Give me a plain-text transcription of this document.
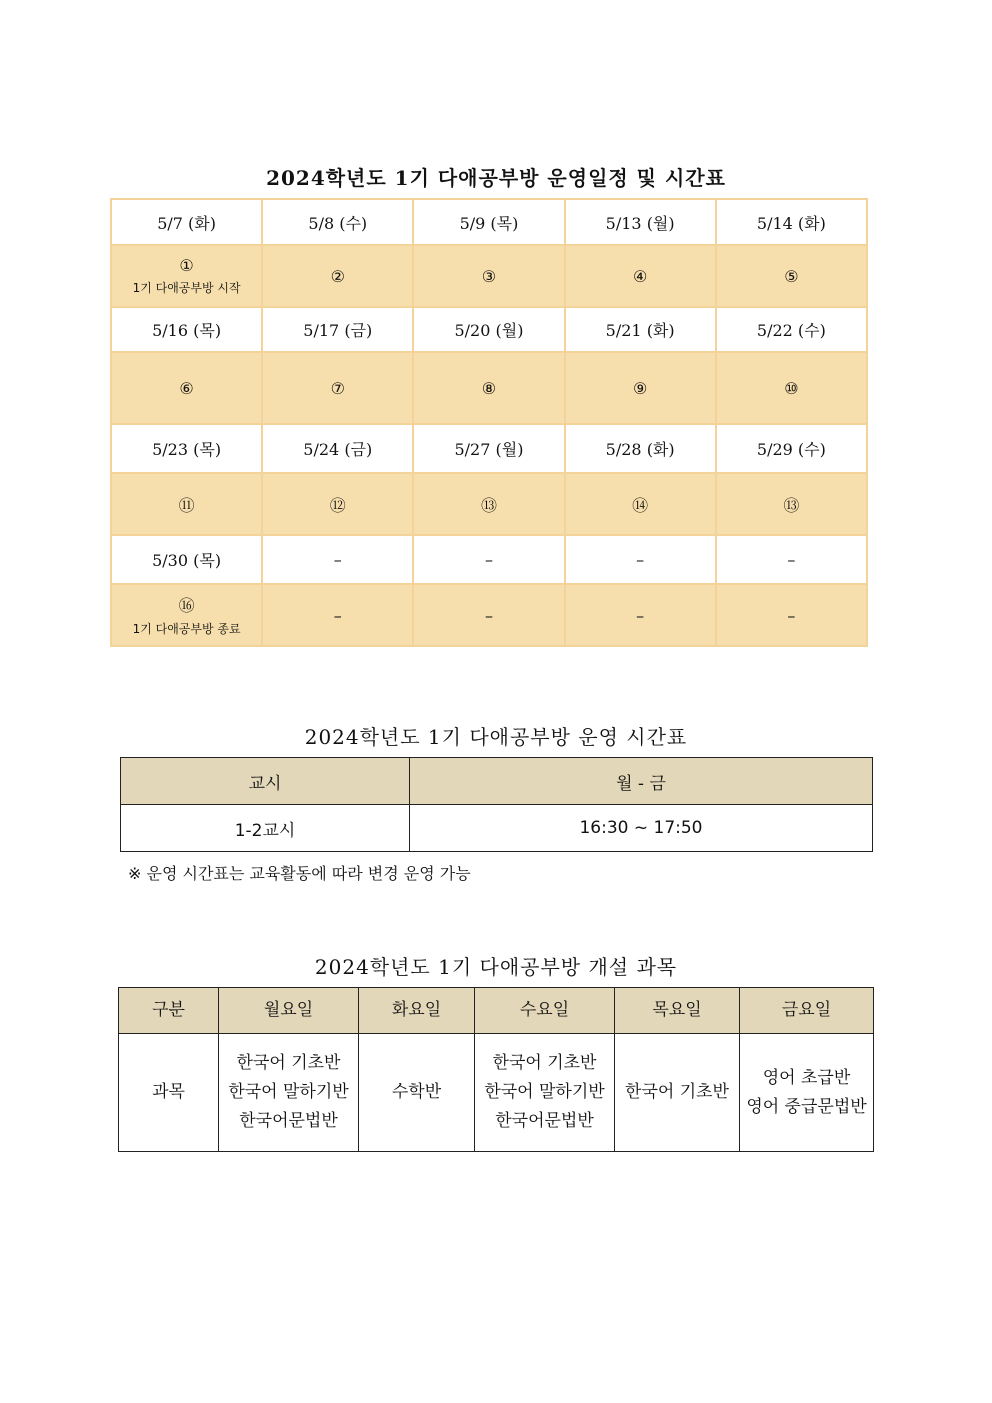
2024학년도 1기 다애공부방 운영일정 및 시간표
5/7 (화)	5/8 (수)	5/9 (목)	5/13 (월)	5/14 (화)

①
1기 다애공부방 시작	②	③	④	⑤

5/16 (목)	5/17 (금)	5/20 (월)	5/21 (화)	5/22 (수)

⑥	⑦	⑧	⑨	⑩

5/23 (목)	5/24 (금)	5/27 (월)	5/28 (화)	5/29 (수)

⑪	⑫	⑬	⑭	⑬

5/30 (목)	–	–	–	–

⑯
1기 다애공부방 종료	–	–	–	–
2024학년도 1기 다애공부방 운영 시간표
교시	월 - 금
1-2교시	16:30 ~ 17:50
※ 운영 시간표는 교육활동에 따라 변경 운영 가능
2024학년도 1기 다애공부방 개설 과목
구분	월요일	화요일	수요일	목요일	금요일
과목	한국어 기초반
한국어 말하기반
한국어문법반	수학반	한국어 기초반
한국어 말하기반
한국어문법반	한국어 기초반	영어 초급반
영어 중급문법반
